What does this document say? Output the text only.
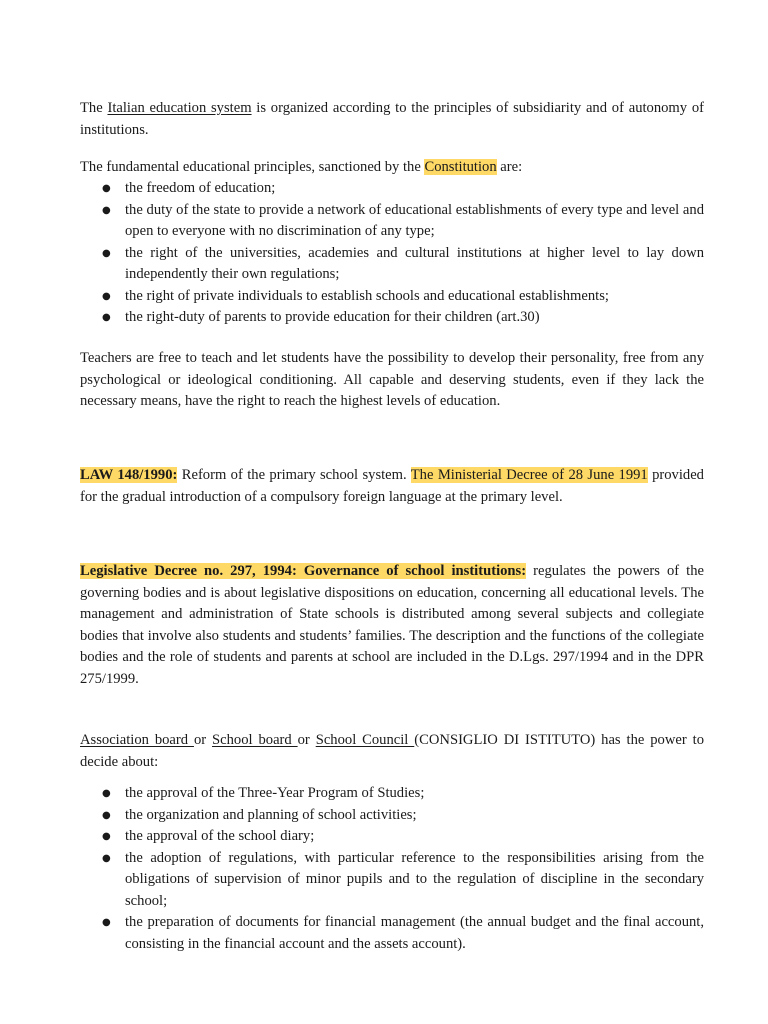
The Italian education system is organized according to the principles of subsidiarity and of autonomy of institutions.

The fundamental educational principles, sanctioned by the Constitution are:

● the freedom of education;
● the duty of the state to provide a network of educational establishments of every type and level and open to everyone with no discrimination of any type;
● the right of the universities, academies and cultural institutions at higher level to lay down independently their own regulations;
● the right of private individuals to establish schools and educational establishments;
● the right-duty of parents to provide education for their children (art.30)

Teachers are free to teach and let students have the possibility to develop their personality, free from any psychological or ideological conditioning. All capable and deserving students, even if they lack the necessary means, have the right to reach the highest levels of education.

LAW 148/1990: Reform of the primary school system. The Ministerial Decree of 28 June 1991 provided for the gradual introduction of a compulsory foreign language at the primary level.

Legislative Decree no. 297, 1994: Governance of school institutions: regulates the powers of the governing bodies and is about legislative dispositions on education, concerning all educational levels. The management and administration of State schools is distributed among several subjects and collegiate bodies that involve also students and students’ families. The description and the functions of the collegiate bodies and the role of students and parents at school are included in the D.Lgs. 297/1994 and in the DPR 275/1999.

Association board or School board or School Council (CONSIGLIO DI ISTITUTO) has the power to decide about:

● the approval of the Three-Year Program of Studies;
● the organization and planning of school activities;
● the approval of the school diary;
● the adoption of regulations, with particular reference to the responsibilities arising from the obligations of supervision of minor pupils and to the regulation of discipline in the secondary school;
● the preparation of documents for financial management (the annual budget and the final account, consisting in the financial account and the assets account).
